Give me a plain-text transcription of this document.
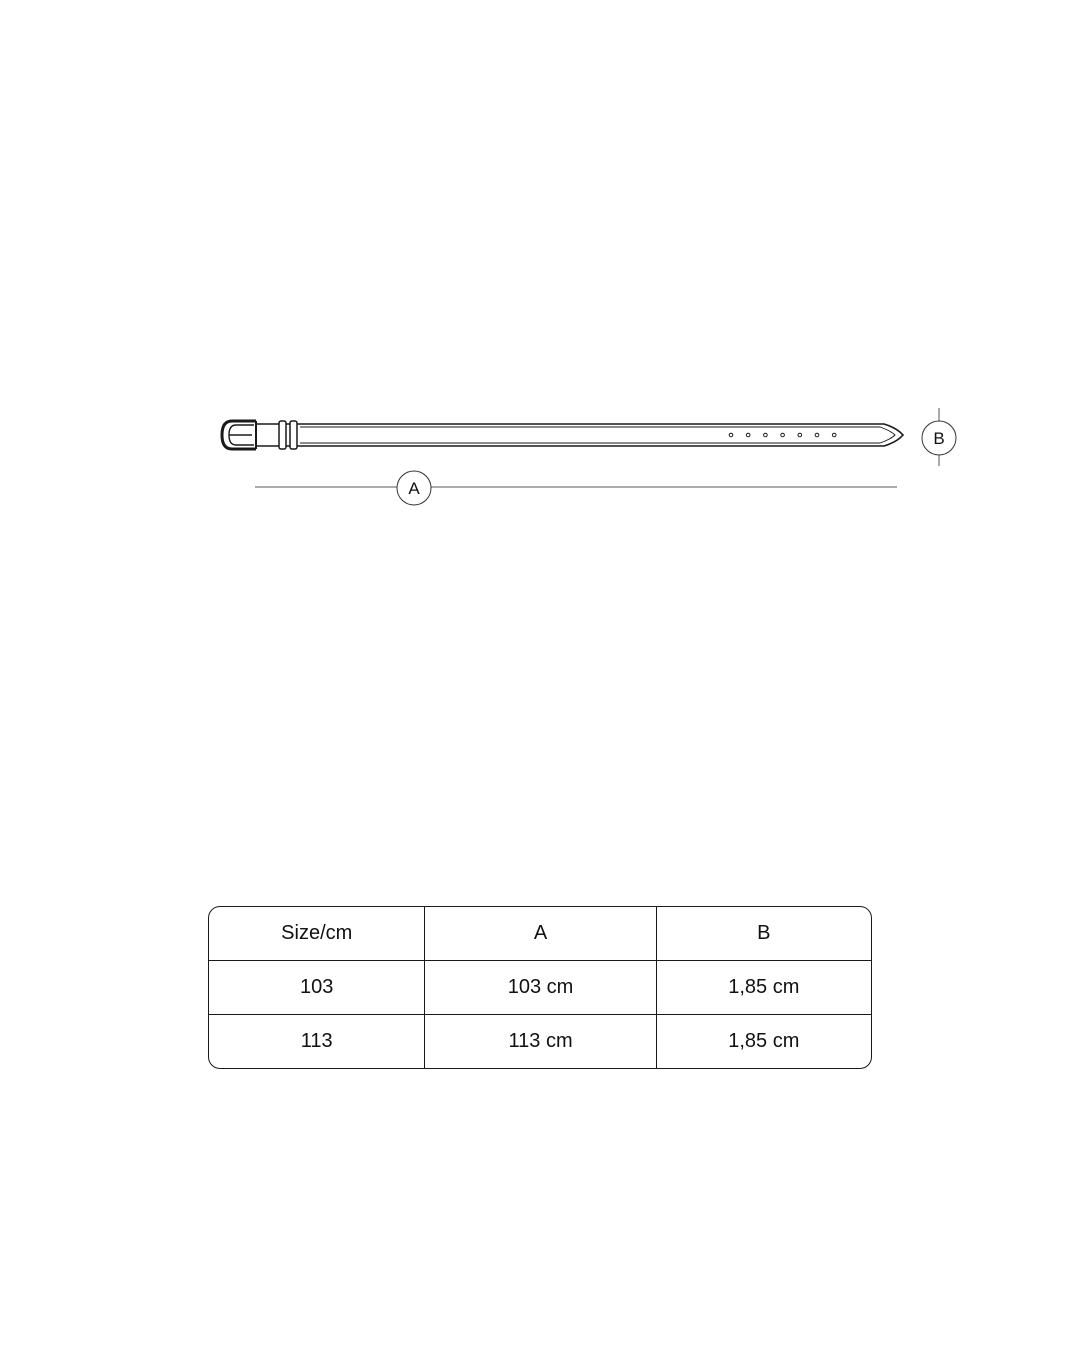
A
B
Size/cm	A	B
103	103 cm	1,85 cm
113	113 cm	1,85 cm
